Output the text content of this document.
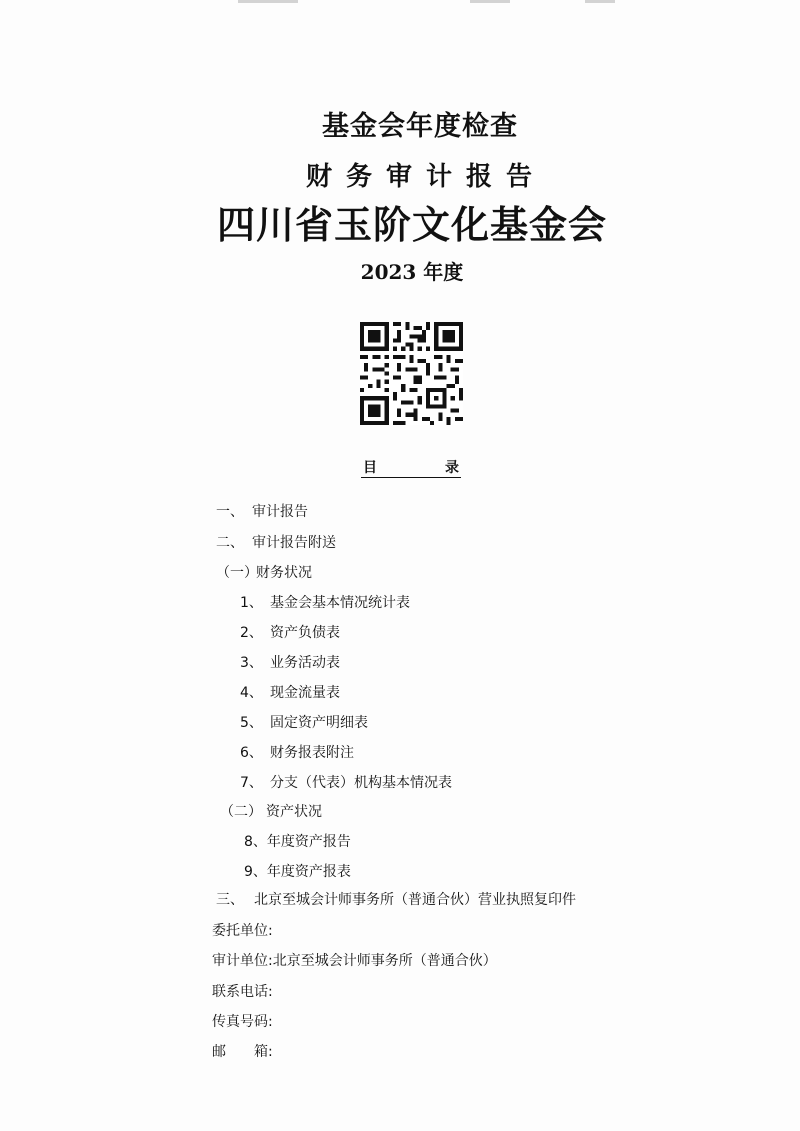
基金会年度检查
财务审计报告
四川省玉阶文化基金会
2023 年度
目	录
一、 审计报告
二、 审计报告附送
（一）财务状况
1、 基金会基本情况统计表
2、 资产负债表
3、 业务活动表
4、 现金流量表
5、 固定资产明细表
6、 财务报表附注
7、 分支（代表）机构基本情况表
（二） 资产状况
8、年度资产报告
9、年度资产报表
三、 北京至城会计师事务所（普通合伙）营业执照复印件
委托单位:
审计单位:北京至城会计师事务所（普通合伙）
联系电话:
传真号码:
邮　　箱:
